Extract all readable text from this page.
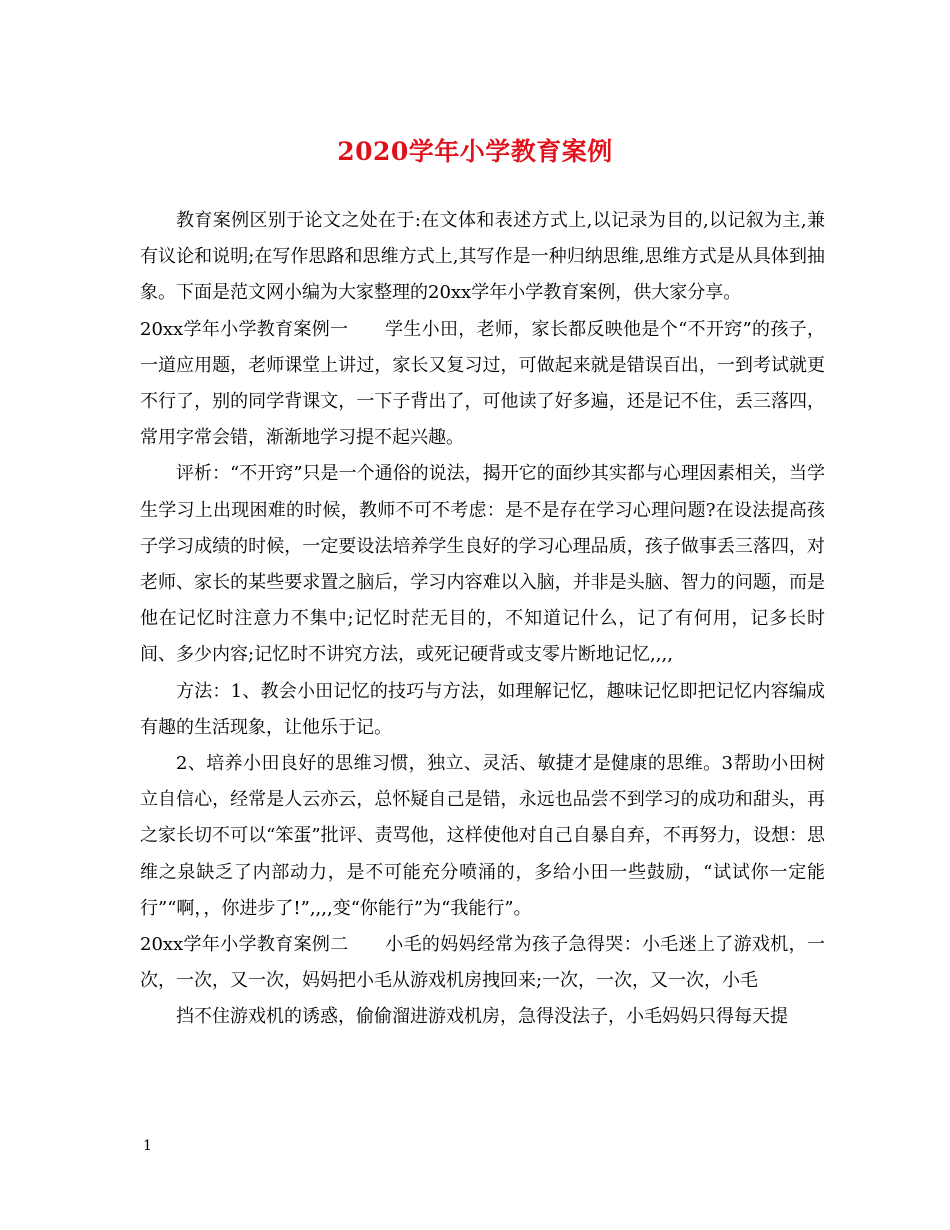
2020学年小学教育案例

教育案例区别于论文之处在于:在文体和表述方式上,以记录为目的,以记叙为主,兼有议论和说明;在写作思路和思维方式上,其写作是一种归纳思维,思维方式是从具体到抽象。下面是范文网小编为大家整理的20xx学年小学教育案例，供大家分享。

20xx学年小学教育案例一　　学生小田，老师，家长都反映他是个“不开窍”的孩子，一道应用题，老师课堂上讲过，家长又复习过，可做起来就是错误百出，一到考试就更不行了，别的同学背课文，一下子背出了，可他读了好多遍，还是记不住，丢三落四，常用字常会错，渐渐地学习提不起兴趣。

评析：“不开窍”只是一个通俗的说法，揭开它的面纱其实都与心理因素相关，当学生学习上出现困难的时候，教师不可不考虑：是不是存在学习心理问题?在设法提高孩子学习成绩的时候，一定要设法培养学生良好的学习心理品质，孩子做事丢三落四，对老师、家长的某些要求置之脑后，学习内容难以入脑，并非是头脑、智力的问题，而是他在记忆时注意力不集中;记忆时茫无目的，不知道记什么，记了有何用，记多长时间、多少内容;记忆时不讲究方法，或死记硬背或支零片断地记忆,,,,

方法：1、教会小田记忆的技巧与方法，如理解记忆，趣味记忆即把记忆内容编成有趣的生活现象，让他乐于记。

2、培养小田良好的思维习惯，独立、灵活、敏捷才是健康的思维。3帮助小田树立自信心，经常是人云亦云，总怀疑自己是错，永远也品尝不到学习的成功和甜头，再之家长切不可以“笨蛋”批评、责骂他，这样使他对自己自暴自弃，不再努力，设想：思维之泉缺乏了内部动力，是不可能充分喷涌的，多给小田一些鼓励，“试试你一定能行”“啊，，你进步了!”,,,,变“你能行”为“我能行”。

20xx学年小学教育案例二　　小毛的妈妈经常为孩子急得哭：小毛迷上了游戏机，一次，一次，又一次，妈妈把小毛从游戏机房拽回来;一次，一次，又一次，小毛

挡不住游戏机的诱惑，偷偷溜进游戏机房，急得没法子，小毛妈妈只得每天提

1
